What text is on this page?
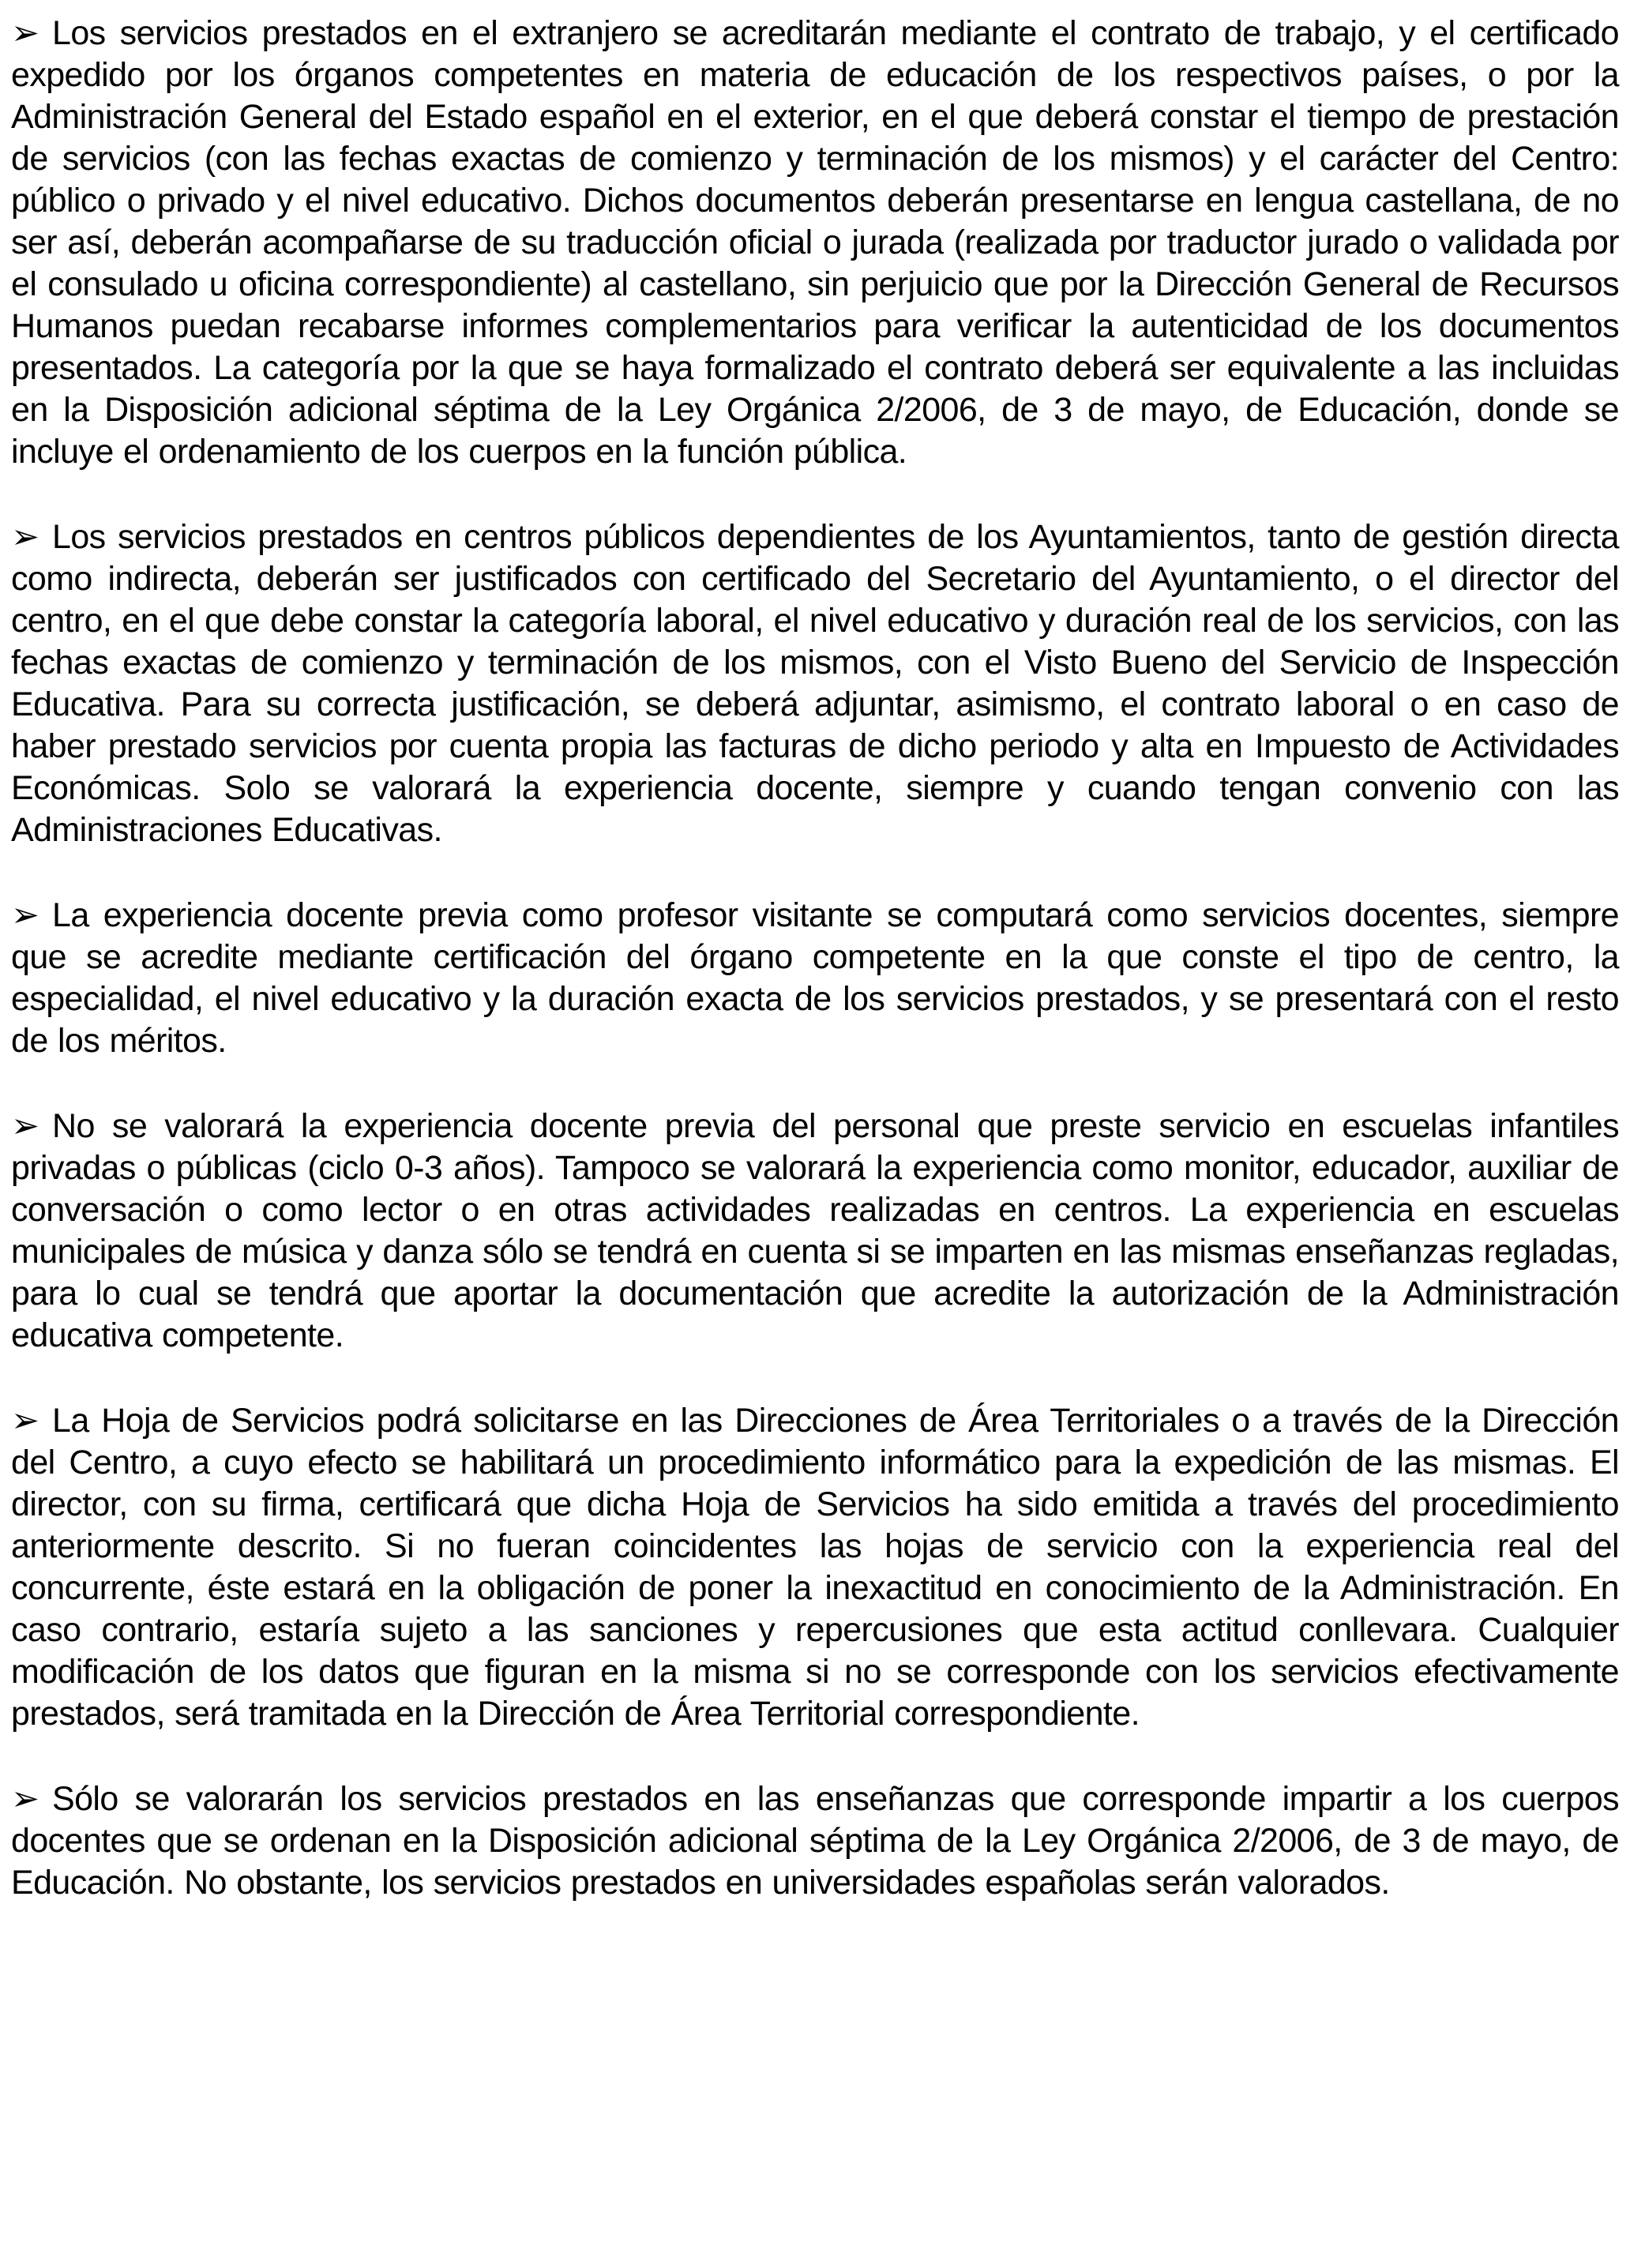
➢ Los servicios prestados en el extranjero se acreditarán mediante el contrato de trabajo, y el certificado expedido por los órganos competentes en materia de educación de los respectivos países, o por la Administración General del Estado español en el exterior, en el que deberá constar el tiempo de prestación de servicios (con las fechas exactas de comienzo y terminación de los mismos) y el carácter del Centro: público o privado y el nivel educativo. Dichos documentos deberán presentarse en lengua castellana, de no ser así, deberán acompañarse de su traducción oficial o jurada (realizada por traductor jurado o validada por el consulado u oficina correspondiente) al castellano, sin perjuicio que por la Dirección General de Recursos Humanos puedan recabarse informes complementarios para verificar la autenticidad de los documentos presentados. La categoría por la que se haya formalizado el contrato deberá ser equivalente a las incluidas en la Disposición adicional séptima de la Ley Orgánica 2/2006, de 3 de mayo, de Educación, donde se incluye el ordenamiento de los cuerpos en la función pública.

➢ Los servicios prestados en centros públicos dependientes de los Ayuntamientos, tanto de gestión directa como indirecta, deberán ser justificados con certificado del Secretario del Ayuntamiento, o el director del centro, en el que debe constar la categoría laboral, el nivel educativo y duración real de los servicios, con las fechas exactas de comienzo y terminación de los mismos, con el Visto Bueno del Servicio de Inspección Educativa. Para su correcta justificación, se deberá adjuntar, asimismo, el contrato laboral o en caso de haber prestado servicios por cuenta propia las facturas de dicho periodo y alta en Impuesto de Actividades Económicas. Solo se valorará la experiencia docente, siempre y cuando tengan convenio con las Administraciones Educativas.

➢ La experiencia docente previa como profesor visitante se computará como servicios docentes, siempre que se acredite mediante certificación del órgano competente en la que conste el tipo de centro, la especialidad, el nivel educativo y la duración exacta de los servicios prestados, y se presentará con el resto de los méritos.

➢ No se valorará la experiencia docente previa del personal que preste servicio en escuelas infantiles privadas o públicas (ciclo 0-3 años). Tampoco se valorará la experiencia como monitor, educador, auxiliar de conversación o como lector o en otras actividades realizadas en centros. La experiencia en escuelas municipales de música y danza sólo se tendrá en cuenta si se imparten en las mismas enseñanzas regladas, para lo cual se tendrá que aportar la documentación que acredite la autorización de la Administración educativa competente.

➢ La Hoja de Servicios podrá solicitarse en las Direcciones de Área Territoriales o a través de la Dirección del Centro, a cuyo efecto se habilitará un procedimiento informático para la expedición de las mismas. El director, con su firma, certificará que dicha Hoja de Servicios ha sido emitida a través del procedimiento anteriormente descrito. Si no fueran coincidentes las hojas de servicio con la experiencia real del concurrente, éste estará en la obligación de poner la inexactitud en conocimiento de la Administración. En caso contrario, estaría sujeto a las sanciones y repercusiones que esta actitud conllevara. Cualquier modificación de los datos que figuran en la misma si no se corresponde con los servicios efectivamente prestados, será tramitada en la Dirección de Área Territorial correspondiente.

➢ Sólo se valorarán los servicios prestados en las enseñanzas que corresponde impartir a los cuerpos docentes que se ordenan en la Disposición adicional séptima de la Ley Orgánica 2/2006, de 3 de mayo, de Educación. No obstante, los servicios prestados en universidades españolas serán valorados.
